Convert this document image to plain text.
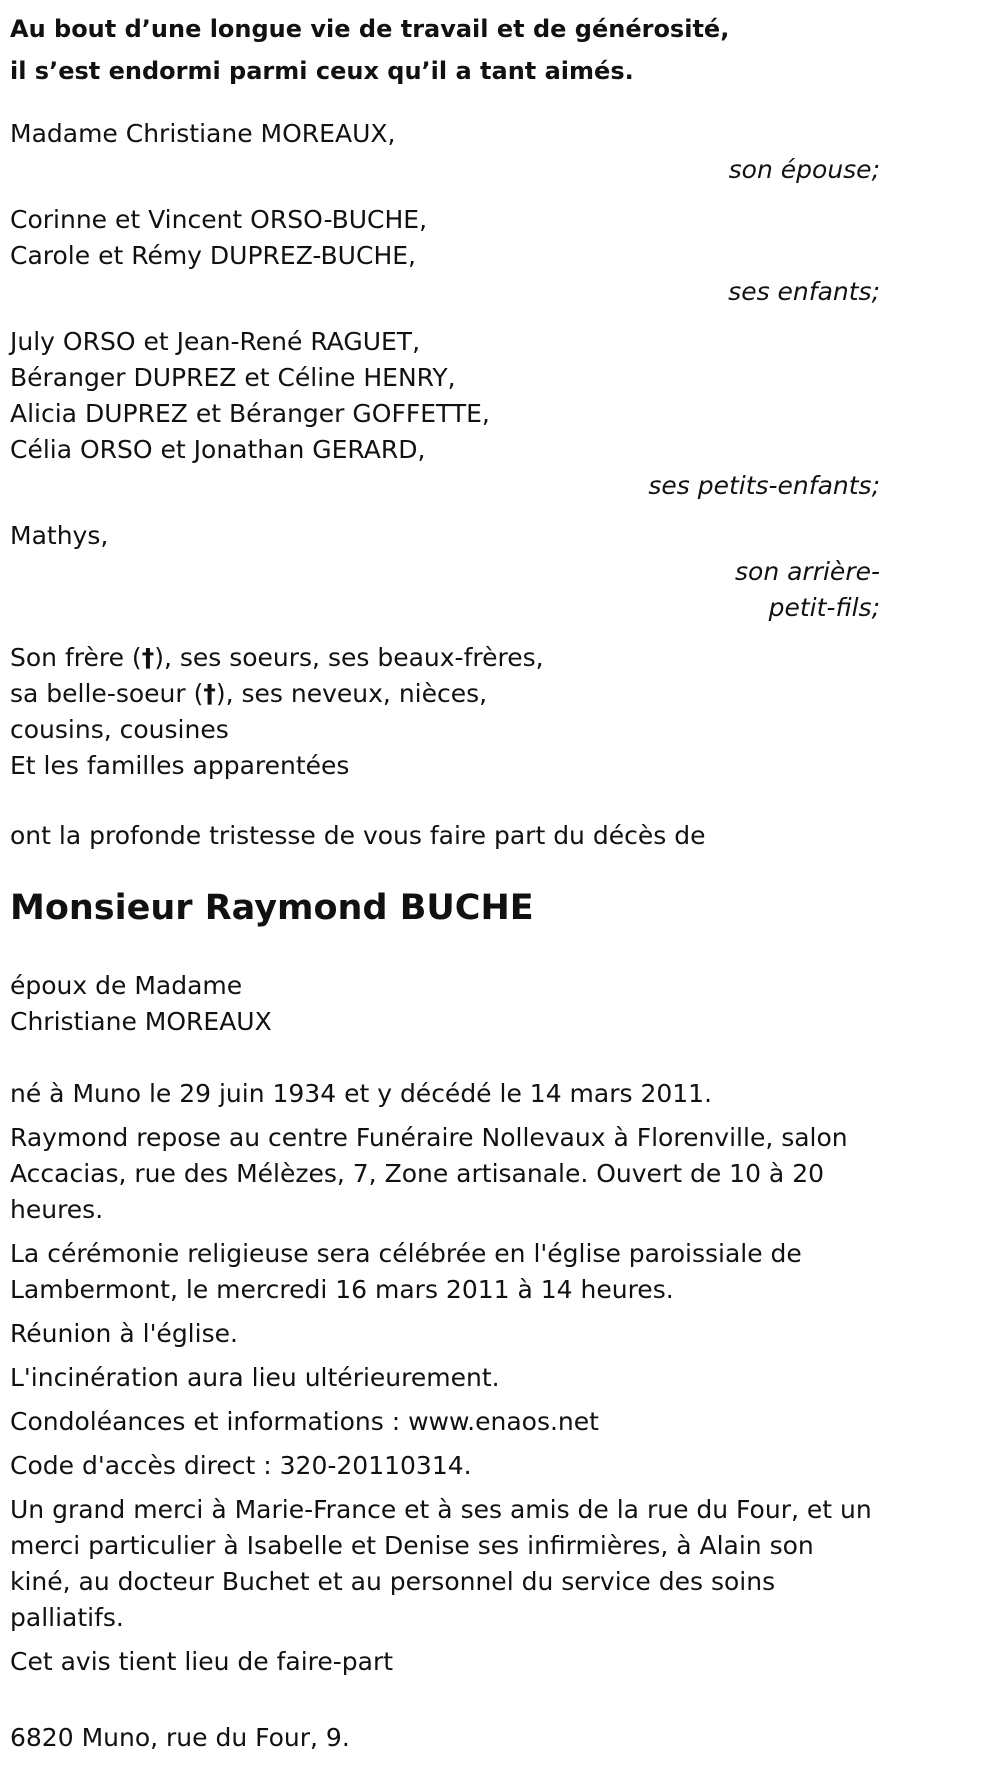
Au bout d’une longue vie de travail et de générosité,
il s’est endormi parmi ceux qu’il a tant aimés.
Madame Christiane MOREAUX,
son épouse;
Corinne et Vincent ORSO-BUCHE,
Carole et Rémy DUPREZ-BUCHE,
ses enfants;
July ORSO et Jean-René RAGUET,
Béranger DUPREZ et Céline HENRY,
Alicia DUPREZ et Béranger GOFFETTE,
Célia ORSO et Jonathan GERARD,
ses petits-enfants;
Mathys,
son arrière-
petit-fils;
Son frère (†), ses soeurs, ses beaux-frères,
sa belle-soeur (†), ses neveux, nièces,
cousins, cousines
Et les familles apparentées
ont la profonde tristesse de vous faire part du décès de
Monsieur Raymond BUCHE
époux de Madame
Christiane MOREAUX
né à Muno le 29 juin 1934 et y décédé le 14 mars 2011.
Raymond repose au centre Funéraire Nollevaux à Florenville, salon Accacias, rue des Mélèzes, 7, Zone artisanale. Ouvert de 10 à 20 heures.
La cérémonie religieuse sera célébrée en l'église paroissiale de Lambermont, le mercredi 16 mars 2011 à 14 heures.
Réunion à l'église.
L'incinération aura lieu ultérieurement.
Condoléances et informations : www.enaos.net
Code d'accès direct : 320-20110314.
Un grand merci à Marie-France et à ses amis de la rue du Four, et un merci particulier à Isabelle et Denise ses infirmières, à Alain son kiné, au docteur Buchet et au personnel du service des soins palliatifs.
Cet avis tient lieu de faire-part
6820 Muno, rue du Four, 9.
